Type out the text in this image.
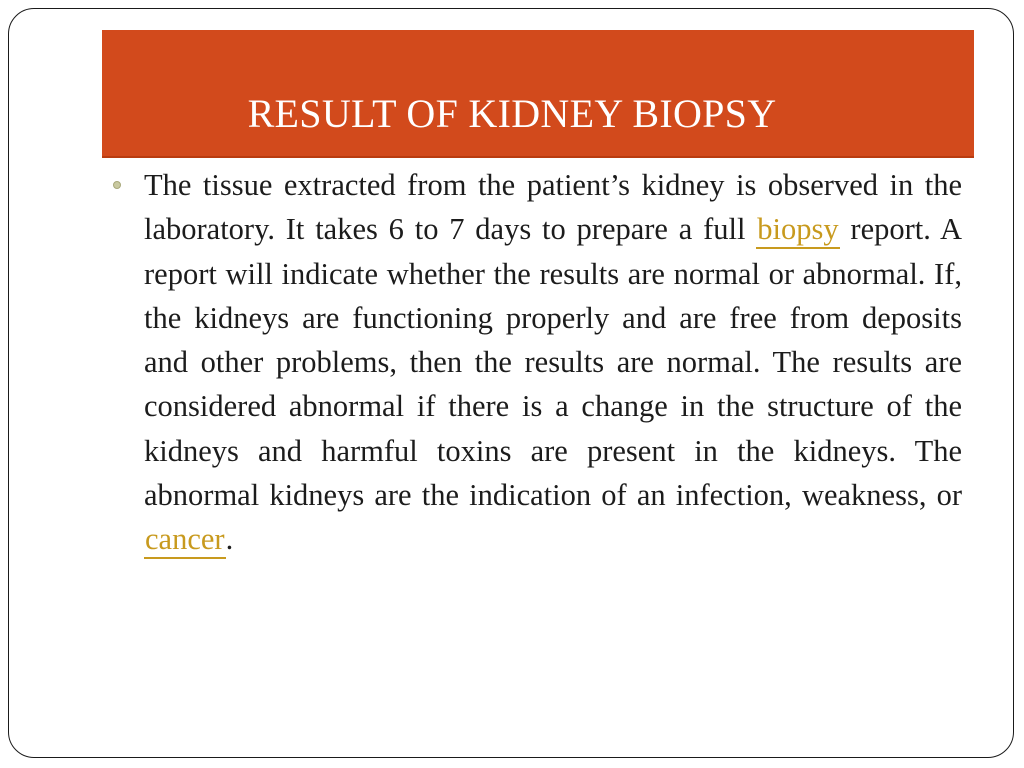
RESULT OF KIDNEY BIOPSY

The tissue extracted from the patient’s kidney is observed in the laboratory. It takes 6 to 7 days to prepare a full biopsy report. A report will indicate whether the results are normal or abnormal. If, the kidneys are functioning properly and are free from deposits and other problems, then the results are normal. The results are considered abnormal if there is a change in the structure of the kidneys and harmful toxins are present in the kidneys. The abnormal kidneys are the indication of an infection, weakness, or cancer.
